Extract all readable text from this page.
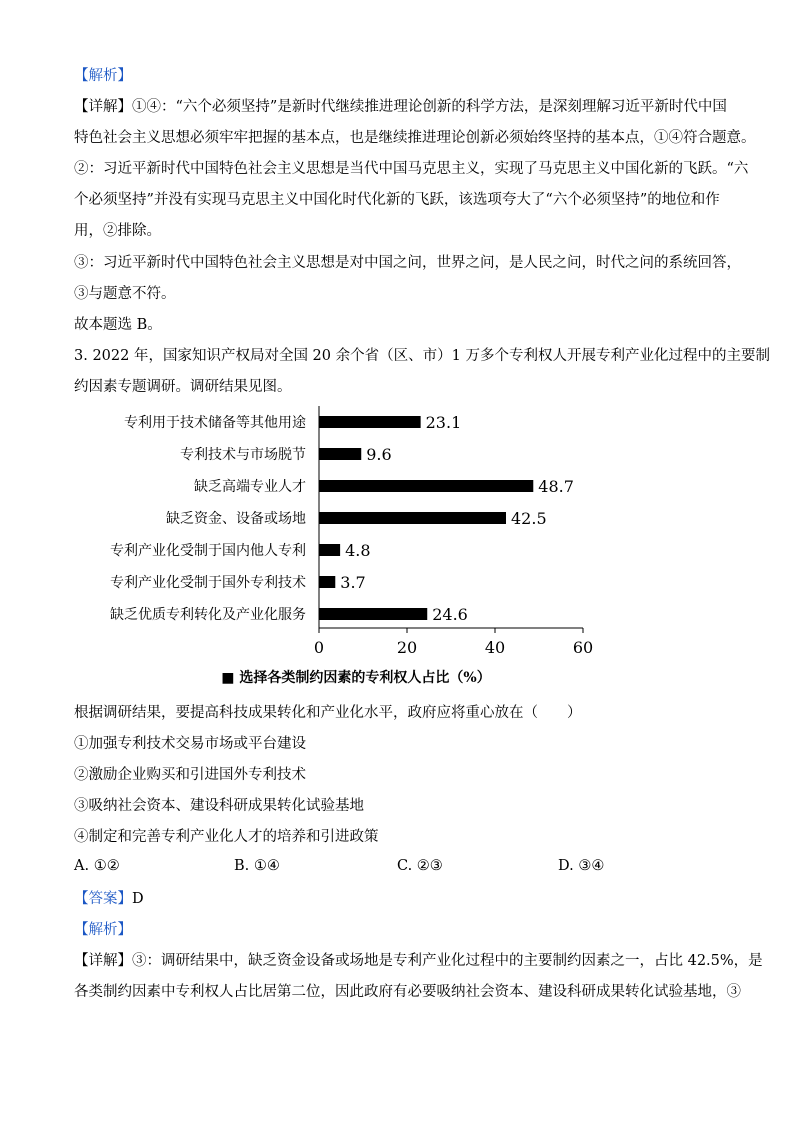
【解析】
【详解】①④：“六个必须坚持”是新时代继续推进理论创新的科学方法，是深刻理解习近平新时代中国
特色社会主义思想必须牢牢把握的基本点，也是继续推进理论创新必须始终坚持的基本点，①④符合题意。
②：习近平新时代中国特色社会主义思想是当代中国马克思主义，实现了马克思主义中国化新的飞跃。“六
个必须坚持”并没有实现马克思主义中国化时代化新的飞跃，该选项夸大了“六个必须坚持”的地位和作
用，②排除。
③：习近平新时代中国特色社会主义思想是对中国之问，世界之问，是人民之问，时代之问的系统回答，
③与题意不符。
故本题选 B。
3. 2022 年，国家知识产权局对全国 20 余个省（区、市）1 万多个专利权人开展专利产业化过程中的主要制
约因素专题调研。调研结果见图。
0	20	40	60
专利用于技术储备等其他用途	23.1
专利技术与市场脱节	9.6
缺乏高端专业人才	48.7
缺乏资金、设备或场地	42.5
专利产业化受制于国内他人专利 4.8
专利产业化受制于国外专利技术 3.7
缺乏优质专利转化及产业化服务	24.6
■ 选择各类制约因素的专利权人占比（%）
根据调研结果，要提高科技成果转化和产业化水平，政府应将重心放在（　　）
①加强专利技术交易市场或平台建设
②激励企业购买和引进国外专利技术
③吸纳社会资本、建设科研成果转化试验基地
④制定和完善专利产业化人才的培养和引进政策
A. ①②	B. ①④	C. ②③	D. ③④
【答案】D
【解析】
【详解】③：调研结果中，缺乏资金设备或场地是专利产业化过程中的主要制约因素之一，占比 42.5%，是
各类制约因素中专利权人占比居第二位，因此政府有必要吸纳社会资本、建设科研成果转化试验基地，③
